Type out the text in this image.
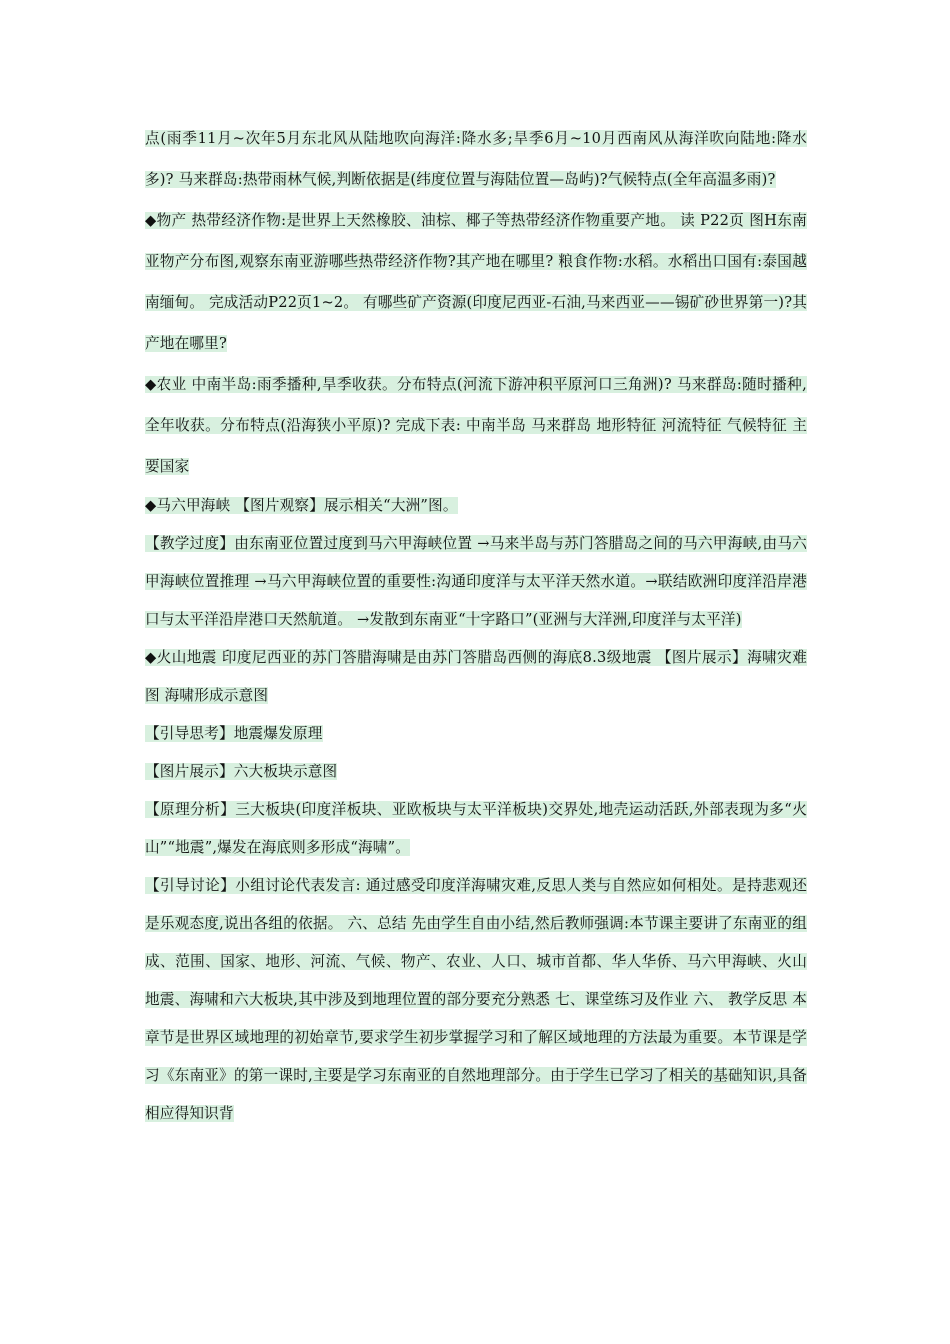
点(雨季11月~次年5月东北风从陆地吹向海洋:降水多;旱季6月~10月西南风从海洋吹向陆地:降水多)? 马来群岛:热带雨林气候,判断依据是(纬度位置与海陆位置—岛屿)?气候特点(全年高温多雨)?

◆物产 热带经济作物:是世界上天然橡胶、油棕、椰子等热带经济作物重要产地。 读 P22页 图H东南亚物产分布图,观察东南亚游哪些热带经济作物?其产地在哪里? 粮食作物:水稻。水稻出口国有:泰国越南缅甸。 完成活动P22页1~2。 有哪些矿产资源(印度尼西亚-石油,马来西亚——锡矿砂世界第一)?其产地在哪里?

◆农业 中南半岛:雨季播种,旱季收获。分布特点(河流下游冲积平原河口三角洲)? 马来群岛:随时播种,全年收获。分布特点(沿海狭小平原)? 完成下表: 中南半岛 马来群岛 地形特征 河流特征 气候特征 主要国家

◆马六甲海峡 【图片观察】展示相关“大洲”图。

【教学过度】由东南亚位置过度到马六甲海峡位置 →马来半岛与苏门答腊岛之间的马六甲海峡,由马六甲海峡位置推理 →马六甲海峡位置的重要性:沟通印度洋与太平洋天然水道。→联结欧洲印度洋沿岸港口与太平洋沿岸港口天然航道。 →发散到东南亚“十字路口”(亚洲与大洋洲,印度洋与太平洋)

◆火山地震 印度尼西亚的苏门答腊海啸是由苏门答腊岛西侧的海底8.3级地震 【图片展示】海啸灾难图 海啸形成示意图

【引导思考】地震爆发原理

【图片展示】六大板块示意图

【原理分析】三大板块(印度洋板块、亚欧板块与太平洋板块)交界处,地壳运动活跃,外部表现为多“火山”“地震”,爆发在海底则多形成“海啸”。

【引导讨论】小组讨论代表发言: 通过感受印度洋海啸灾难,反思人类与自然应如何相处。是持悲观还是乐观态度,说出各组的依据。 六、总结 先由学生自由小结,然后教师强调:本节课主要讲了东南亚的组成、范围、国家、地形、河流、气候、物产、农业、人口、城市首都、华人华侨、马六甲海峡、火山地震、海啸和六大板块,其中涉及到地理位置的部分要充分熟悉 七、课堂练习及作业 六、 教学反思 本章节是世界区域地理的初始章节,要求学生初步掌握学习和了解区域地理的方法最为重要。本节课是学习《东南亚》的第一课时,主要是学习东南亚的自然地理部分。由于学生已学习了相关的基础知识,具备相应得知识背
